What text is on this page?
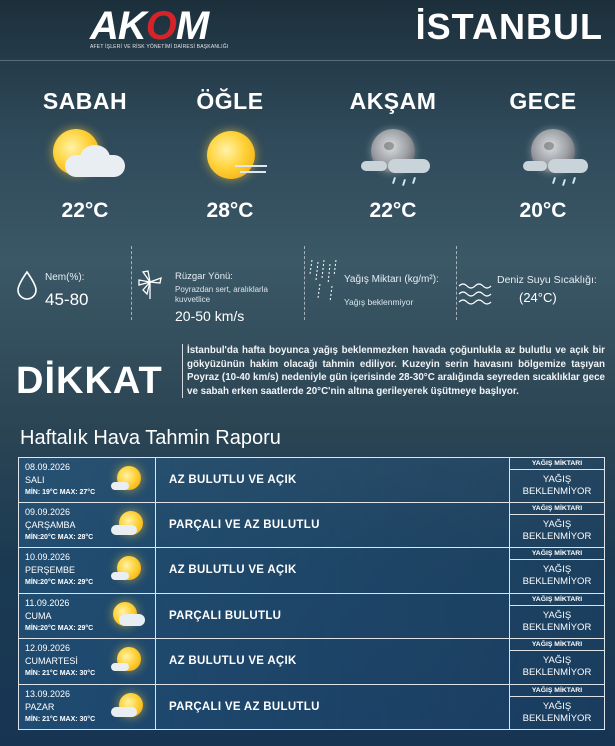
AKOM
AFET İŞLERİ VE RİSK YÖNETİMİ DAİRESİ BAŞKANLIĞI	İSTANBUL
SABAH
22°C
ÖĞLE
28°C
AKŞAM
22°C
GECE
20°C
Nem(%):
45-80
Rüzgar Yönü:
Poyrazdan sert, aralıklarla kuvvetlice
20-50 km/s
Yağış Miktarı (kg/m²):
Yağış beklenmiyor
Deniz Suyu Sıcaklığı:
(24°C)
DİKKAT
İstanbul'da hafta boyunca yağış beklenmezken havada çoğunlukla az bulutlu ve açık bir gökyüzünün hakim olacağı tahmin ediliyor. Kuzeyin serin havasını bölgemize taşıyan Poyraz (10-40 km/s) nedeniyle gün içerisinde 28-30°C aralığında seyreden sıcaklıklar gece ve sabah erken saatlerde 20°C'nin altına gerileyerek üşütmeye başlıyor.
Haftalık Hava Tahmin Raporu
08.09.2026
SALI
MİN: 19°C MAX: 27°C
AZ BULUTLU VE AÇIK
YAĞIŞ MİKTARI
YAĞIŞ
BEKLENMİYOR
09.09.2026
ÇARŞAMBA
MİN:20°C MAX: 28°C
PARÇALI VE AZ BULUTLU
YAĞIŞ MİKTARI
YAĞIŞ
BEKLENMİYOR
10.09.2026
PERŞEMBE
MİN:20°C MAX: 29°C
AZ BULUTLU VE AÇIK
YAĞIŞ MİKTARI
YAĞIŞ
BEKLENMİYOR
11.09.2026
CUMA
MİN:20°C MAX: 29°C
PARÇALI BULUTLU
YAĞIŞ MİKTARI
YAĞIŞ
BEKLENMİYOR
12.09.2026
CUMARTESİ
MİN: 21°C MAX: 30°C
AZ BULUTLU VE AÇIK
YAĞIŞ MİKTARI
YAĞIŞ
BEKLENMİYOR
13.09.2026
PAZAR
MİN: 21°C MAX: 30°C
PARÇALI VE AZ BULUTLU
YAĞIŞ MİKTARI
YAĞIŞ
BEKLENMİYOR
